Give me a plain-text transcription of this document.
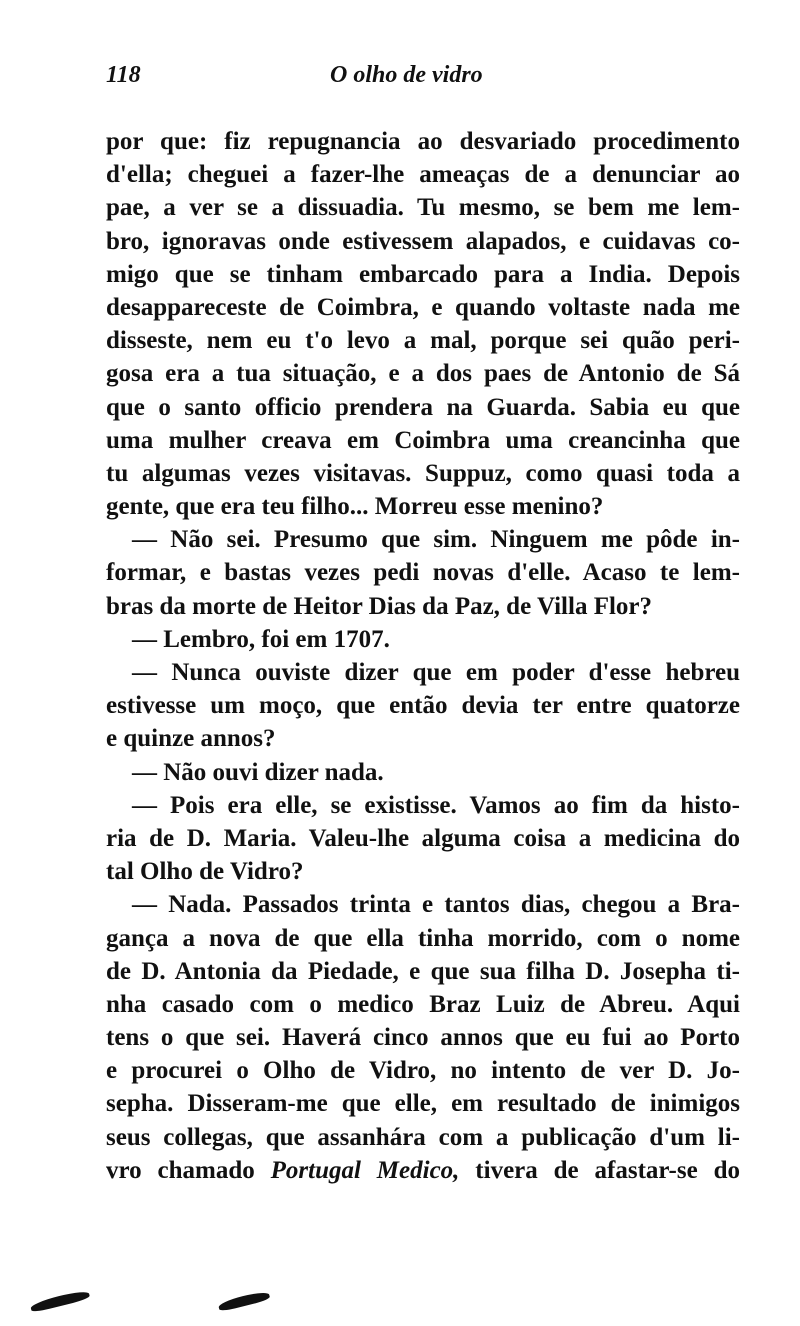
118	O olho de vidro
por que: fiz repugnancia ao desvariado procedimento
d'ella; cheguei a fazer-lhe ameaças de a denunciar ao
pae, a ver se a dissuadia. Tu mesmo, se bem me lem-
bro, ignoravas onde estivessem alapados, e cuidavas co-
migo que se tinham embarcado para a India. Depois
desappareceste de Coimbra, e quando voltaste nada me
disseste, nem eu t'o levo a mal, porque sei quão peri-
gosa era a tua situação, e a dos paes de Antonio de Sá
que o santo officio prendera na Guarda. Sabia eu que
uma mulher creava em Coimbra uma creancinha que
tu algumas vezes visitavas. Suppuz, como quasi toda a
gente, que era teu filho... Morreu esse menino?
— Não sei. Presumo que sim. Ninguem me pôde in-
formar, e bastas vezes pedi novas d'elle. Acaso te lem-
bras da morte de Heitor Dias da Paz, de Villa Flor?
— Lembro, foi em 1707.
— Nunca ouviste dizer que em poder d'esse hebreu
estivesse um moço, que então devia ter entre quatorze
e quinze annos?
— Não ouvi dizer nada.
— Pois era elle, se existisse. Vamos ao fim da histo-
ria de D. Maria. Valeu-lhe alguma coisa a medicina do
tal Olho de Vidro?
— Nada. Passados trinta e tantos dias, chegou a Bra-
gança a nova de que ella tinha morrido, com o nome
de D. Antonia da Piedade, e que sua filha D. Josepha ti-
nha casado com o medico Braz Luiz de Abreu. Aqui
tens o que sei. Haverá cinco annos que eu fui ao Porto
e procurei o Olho de Vidro, no intento de ver D. Jo-
sepha. Disseram-me que elle, em resultado de inimigos
seus collegas, que assanhára com a publicação d'um li-
vro chamado Portugal Medico, tivera de afastar-se do
